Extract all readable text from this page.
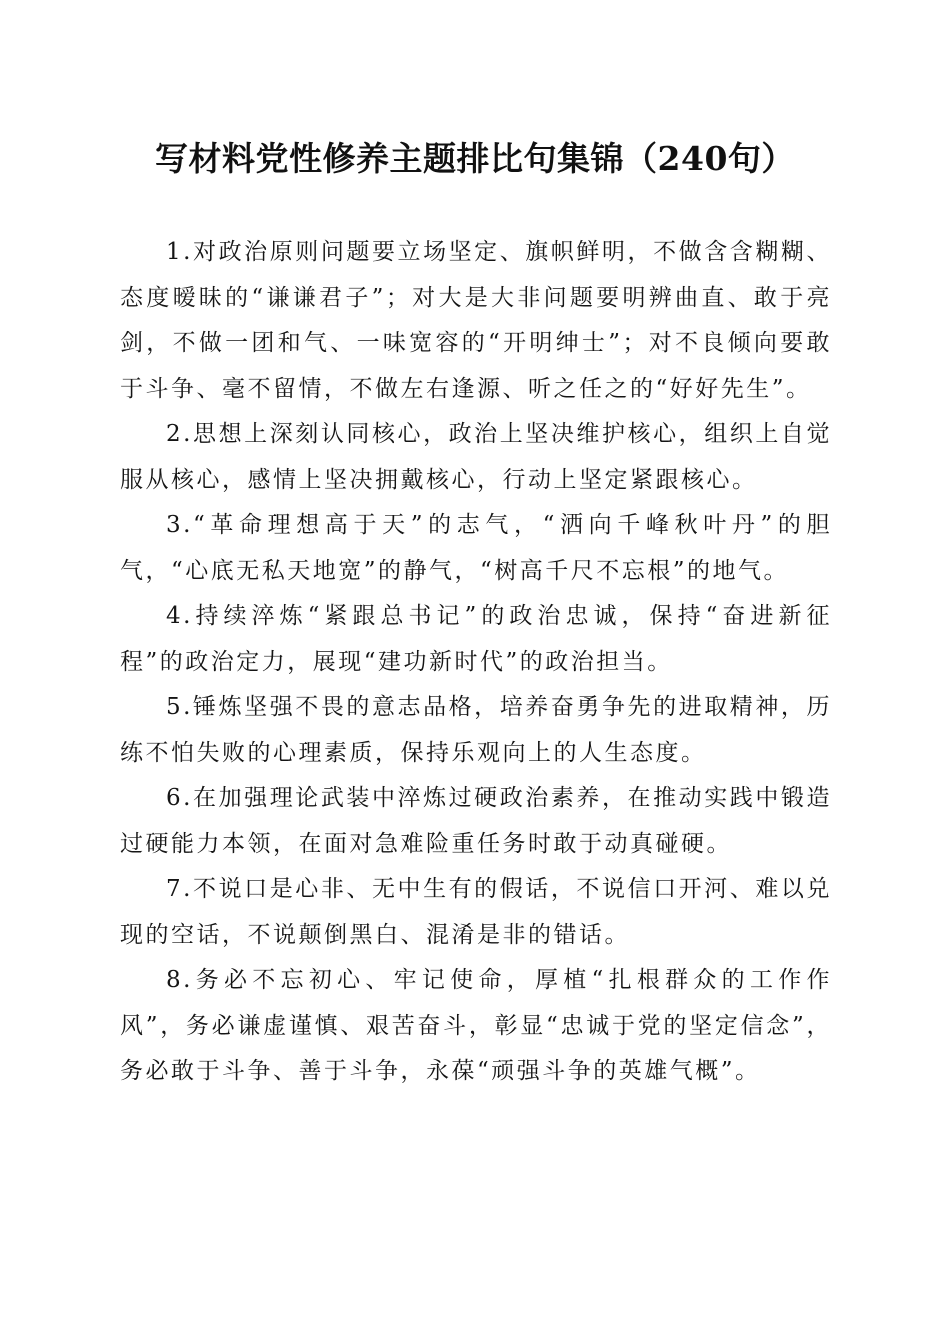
写材料党性修养主题排比句集锦（240句）

1.对政治原则问题要立场坚定、旗帜鲜明，不做含含糊糊、态度暧昧的“谦谦君子”；对大是大非问题要明辨曲直、敢于亮剑，不做一团和气、一味宽容的“开明绅士”；对不良倾向要敢于斗争、毫不留情，不做左右逢源、听之任之的“好好先生”。

2.思想上深刻认同核心，政治上坚决维护核心，组织上自觉服从核心，感情上坚决拥戴核心，行动上坚定紧跟核心。

3.“革命理想高于天”的志气，“洒向千峰秋叶丹”的胆气，“心底无私天地宽”的静气，“树高千尺不忘根”的地气。

4.持续淬炼“紧跟总书记”的政治忠诚，保持“奋进新征程”的政治定力，展现“建功新时代”的政治担当。

5.锤炼坚强不畏的意志品格，培养奋勇争先的进取精神，历练不怕失败的心理素质，保持乐观向上的人生态度。

6.在加强理论武装中淬炼过硬政治素养，在推动实践中锻造过硬能力本领，在面对急难险重任务时敢于动真碰硬。

7.不说口是心非、无中生有的假话，不说信口开河、难以兑现的空话，不说颠倒黑白、混淆是非的错话。

8.务必不忘初心、牢记使命，厚植“扎根群众的工作作风”，务必谦虚谨慎、艰苦奋斗，彰显“忠诚于党的坚定信念”，务必敢于斗争、善于斗争，永葆“顽强斗争的英雄气概”。
